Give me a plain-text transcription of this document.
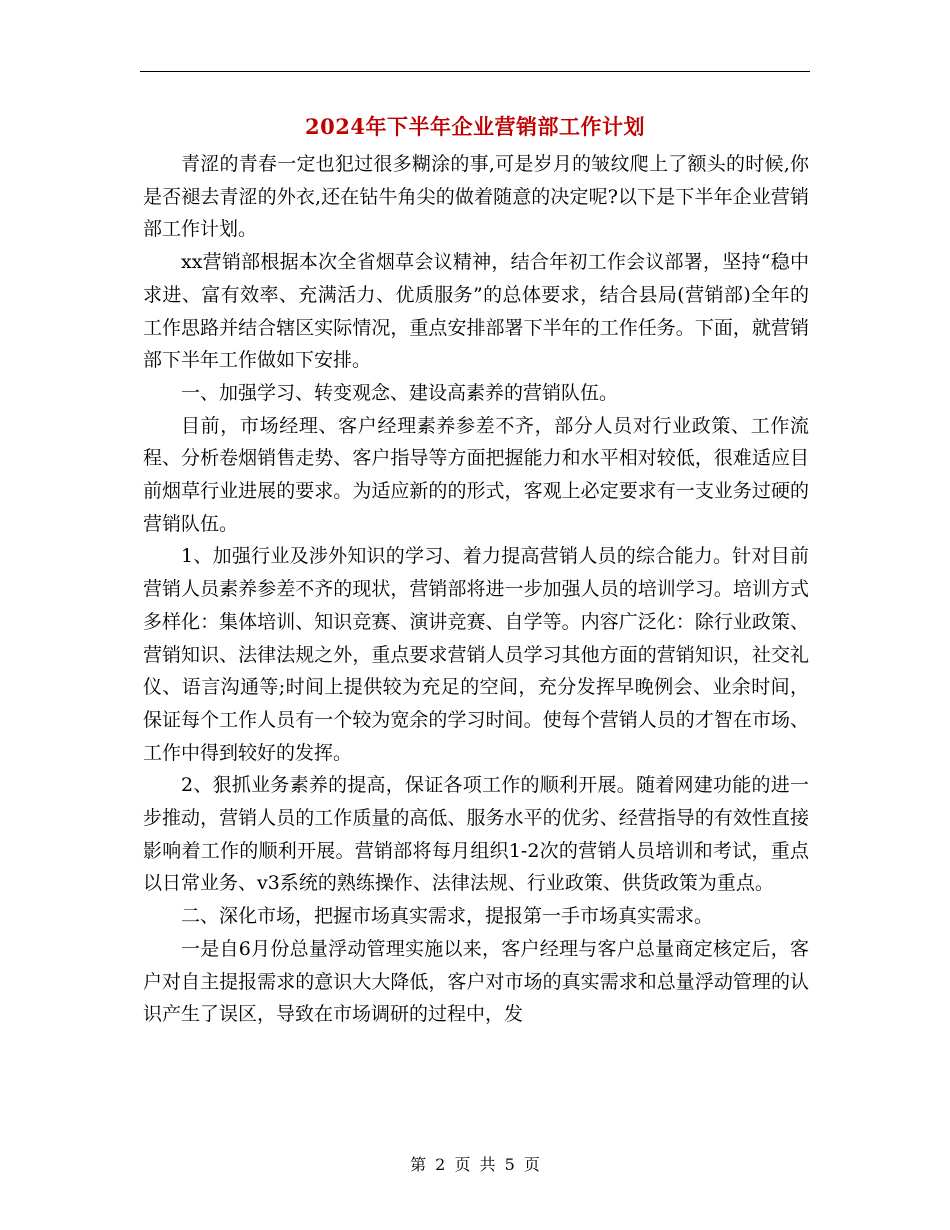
2024年下半年企业营销部工作计划

青涩的青春一定也犯过很多糊涂的事,可是岁月的皱纹爬上了额头的时候,你是否褪去青涩的外衣,还在钻牛角尖的做着随意的决定呢?以下是下半年企业营销部工作计划。

xx营销部根据本次全省烟草会议精神，结合年初工作会议部署，坚持“稳中求进、富有效率、充满活力、优质服务”的总体要求，结合县局(营销部)全年的工作思路并结合辖区实际情况，重点安排部署下半年的工作任务。下面，就营销部下半年工作做如下安排。

一、加强学习、转变观念、建设高素养的营销队伍。

目前，市场经理、客户经理素养参差不齐，部分人员对行业政策、工作流程、分析卷烟销售走势、客户指导等方面把握能力和水平相对较低，很难适应目前烟草行业进展的要求。为适应新的的形式，客观上必定要求有一支业务过硬的营销队伍。

1、加强行业及涉外知识的学习、着力提高营销人员的综合能力。针对目前营销人员素养参差不齐的现状，营销部将进一步加强人员的培训学习。培训方式多样化：集体培训、知识竞赛、演讲竞赛、自学等。内容广泛化：除行业政策、营销知识、法律法规之外，重点要求营销人员学习其他方面的营销知识，社交礼仪、语言沟通等;时间上提供较为充足的空间，充分发挥早晚例会、业余时间，保证每个工作人员有一个较为宽余的学习时间。使每个营销人员的才智在市场、工作中得到较好的发挥。

2、狠抓业务素养的提高，保证各项工作的顺利开展。随着网建功能的进一步推动，营销人员的工作质量的高低、服务水平的优劣、经营指导的有效性直接影响着工作的顺利开展。营销部将每月组织1-2次的营销人员培训和考试，重点以日常业务、v3系统的熟练操作、法律法规、行业政策、供货政策为重点。

二、深化市场，把握市场真实需求，提报第一手市场真实需求。

一是自6月份总量浮动管理实施以来，客户经理与客户总量商定核定后，客户对自主提报需求的意识大大降低，客户对市场的真实需求和总量浮动管理的认识产生了误区，导致在市场调研的过程中，发

第 2 页 共 5 页
